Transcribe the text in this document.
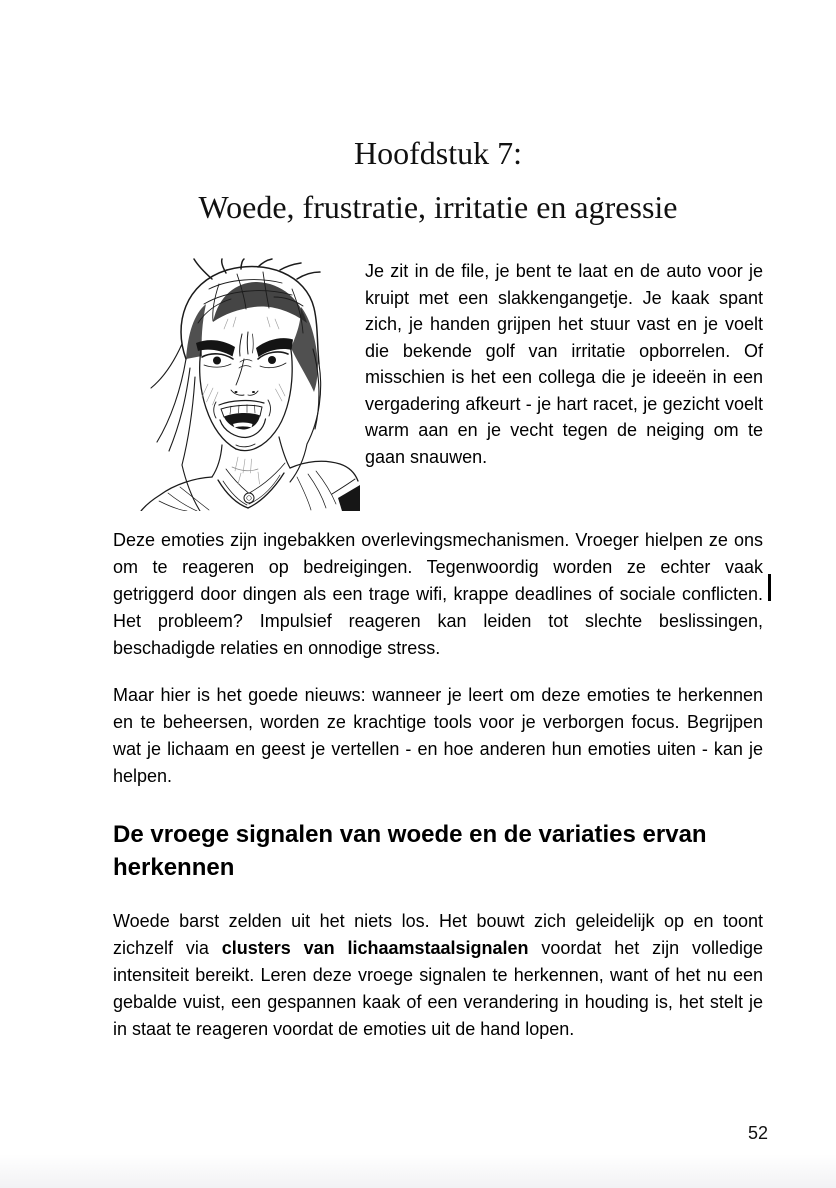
Hoofdstuk 7:
Woede, frustratie, irritatie en agressie

Je zit in de file, je bent te laat en de auto voor je kruipt met een slakkengangetje. Je kaak spant zich, je handen grijpen het stuur vast en je voelt die bekende golf van irritatie opborrelen. Of misschien is het een collega die je ideeën in een vergadering afkeurt - je hart racet, je gezicht voelt warm aan en je vecht tegen de neiging om te gaan snauwen.

Deze emoties zijn ingebakken overlevingsmechanismen. Vroeger hielpen ze ons om te reageren op bedreigingen. Tegenwoordig worden ze echter vaak getriggerd door dingen als een trage wifi, krappe deadlines of sociale conflicten. Het probleem? Impulsief reageren kan leiden tot slechte beslissingen, beschadigde relaties en onnodige stress.

Maar hier is het goede nieuws: wanneer je leert om deze emoties te herkennen en te beheersen, worden ze krachtige tools voor je verborgen focus. Begrijpen wat je lichaam en geest je vertellen - en hoe anderen hun emoties uiten - kan je helpen.

De vroege signalen van woede en de variaties ervan herkennen

Woede barst zelden uit het niets los. Het bouwt zich geleidelijk op en toont zichzelf via clusters van lichaamstaalsignalen voordat het zijn volledige intensiteit bereikt. Leren deze vroege signalen te herkennen, want of het nu een gebalde vuist, een gespannen kaak of een verandering in houding is, het stelt je in staat te reageren voordat de emoties uit de hand lopen.

52
